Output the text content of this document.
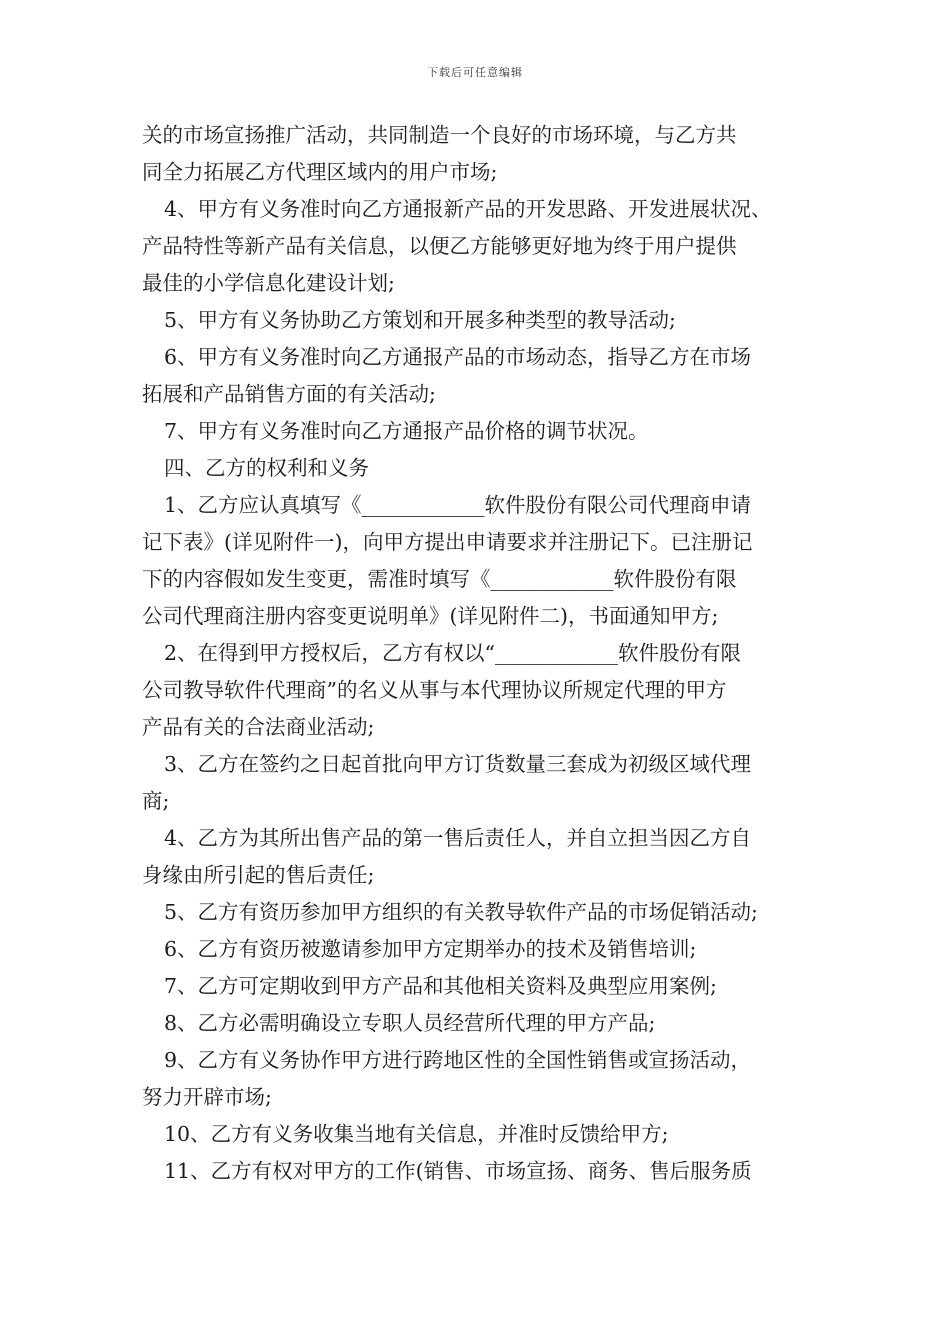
下载后可任意编辑

关的市场宣扬推广活动，共同制造一个良好的市场环境，与乙方共
同全力拓展乙方代理区域内的用户市场;

4、甲方有义务准时向乙方通报新产品的开发思路、开发进展状况、
产品特性等新产品有关信息，以便乙方能够更好地为终于用户提供
最佳的小学信息化建设计划;

5、甲方有义务协助乙方策划和开展多种类型的教导活动;

6、甲方有义务准时向乙方通报产品的市场动态，指导乙方在市场
拓展和产品销售方面的有关活动;

7、甲方有义务准时向乙方通报产品价格的调节状况。

四、乙方的权利和义务

1、乙方应认真填写《____________软件股份有限公司代理商申请
记下表》(详见附件一)，向甲方提出申请要求并注册记下。已注册记
下的内容假如发生变更，需准时填写《____________软件股份有限
公司代理商注册内容变更说明单》(详见附件二)，书面通知甲方;

2、在得到甲方授权后，乙方有权以“____________软件股份有限
公司教导软件代理商”的名义从事与本代理协议所规定代理的甲方
产品有关的合法商业活动;

3、乙方在签约之日起首批向甲方订货数量三套成为初级区域代理
商;

4、乙方为其所出售产品的第一售后责任人，并自立担当因乙方自
身缘由所引起的售后责任;

5、乙方有资历参加甲方组织的有关教导软件产品的市场促销活动;

6、乙方有资历被邀请参加甲方定期举办的技术及销售培训;

7、乙方可定期收到甲方产品和其他相关资料及典型应用案例;

8、乙方必需明确设立专职人员经营所代理的甲方产品;

9、乙方有义务协作甲方进行跨地区性的全国性销售或宣扬活动，
努力开辟市场;

10、乙方有义务收集当地有关信息，并准时反馈给甲方;

11、乙方有权对甲方的工作(销售、市场宣扬、商务、售后服务质
